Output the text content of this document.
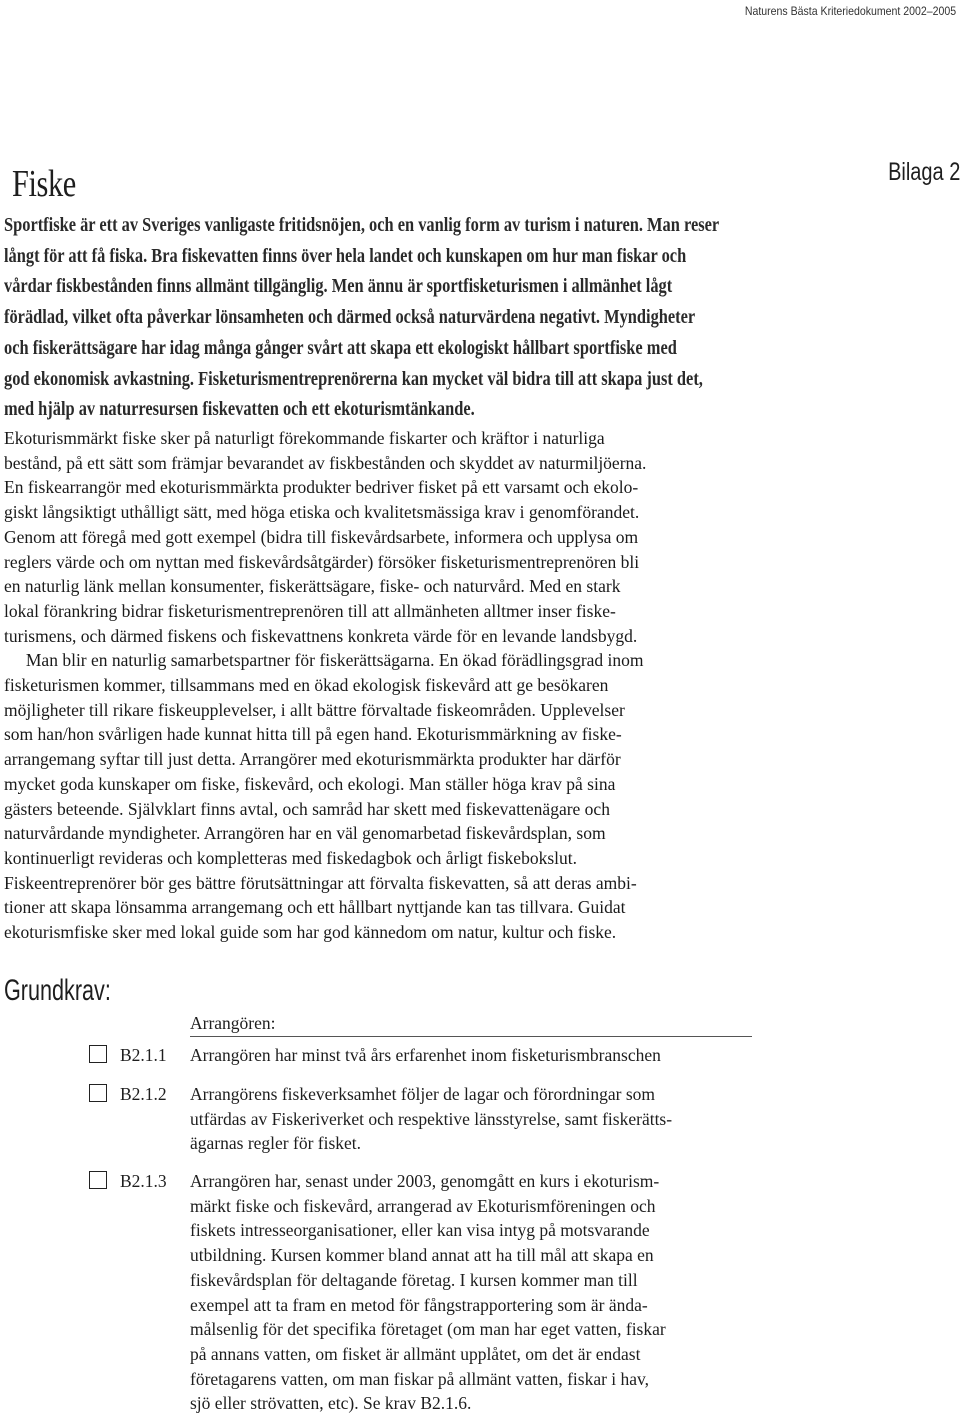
Naturens Bästa Kriteriedokument 2002–2005
Fiske	Bilaga 2
Sportfiske är ett av Sveriges vanligaste fritidsnöjen, och en vanlig form av turism i naturen. Man reser
långt för att få fiska. Bra fiskevatten finns över hela landet och kunskapen om hur man fiskar och
vårdar fiskbestånden finns allmänt tillgänglig. Men ännu är sportfisketurismen i allmänhet lågt
förädlad, vilket ofta påverkar lönsamheten och därmed också naturvärdena negativt. Myndigheter
och fiskerättsägare har idag många gånger svårt att skapa ett ekologiskt hållbart sportfiske med
god ekonomisk avkastning. Fisketurismentreprenörerna kan mycket väl bidra till att skapa just det,
med hjälp av naturresursen fiskevatten och ett ekoturismtänkande.
Ekoturismmärkt fiske sker på naturligt förekommande fiskarter och kräftor i naturliga
bestånd, på ett sätt som främjar bevarandet av fiskbestånden och skyddet av naturmiljöerna.
En fiskearrangör med ekoturismmärkta produkter bedriver fisket på ett varsamt och ekolo-
giskt långsiktigt uthålligt sätt, med höga etiska och kvalitetsmässiga krav i genomförandet.
Genom att föregå med gott exempel (bidra till fiskevårdsarbete, informera och upplysa om
reglers värde och om nyttan med fiskevårdsåtgärder) försöker fisketurismentreprenören bli
en naturlig länk mellan konsumenter, fiskerättsägare, fiske- och naturvård. Med en stark
lokal förankring bidrar fisketurismentreprenören till att allmänheten alltmer inser fiske-
turismens, och därmed fiskens och fiskevattnens konkreta värde för en levande landsbygd.
  Man blir en naturlig samarbetspartner för fiskerättsägarna. En ökad förädlingsgrad inom
fisketurismen kommer, tillsammans med en ökad ekologisk fiskevård att ge besökaren
möjligheter till rikare fiskeupplevelser, i allt bättre förvaltade fiskeområden. Upplevelser
som han/hon svårligen hade kunnat hitta till på egen hand. Ekoturismmärkning av fiske-
arrangemang syftar till just detta. Arrangörer med ekoturismmärkta produkter har därför
mycket goda kunskaper om fiske, fiskevård, och ekologi. Man ställer höga krav på sina
gästers beteende. Självklart finns avtal, och samråd har skett med fiskevattenägare och
naturvårdande myndigheter. Arrangören har en väl genomarbetad fiskevårdsplan, som
kontinuerligt revideras och kompletteras med fiskedagbok och årligt fiskebokslut.
Fiskeentreprenörer bör ges bättre förutsättningar att förvalta fiskevatten, så att deras ambi-
tioner att skapa lönsamma arrangemang och ett hållbart nyttjande kan tas tillvara. Guidat
ekoturismfiske sker med lokal guide som har god kännedom om natur, kultur och fiske.
Grundkrav:
Arrangören:
B2.1.1 Arrangören har minst två års erfarenhet inom fisketurismbranschen
B2.1.2 Arrangörens fiskeverksamhet följer de lagar och förordningar som
utfärdas av Fiskeriverket och respektive länsstyrelse, samt fiskerätts-
ägarnas regler för fisket.
B2.1.3 Arrangören har, senast under 2003, genomgått en kurs i ekoturism-
märkt fiske och fiskevård, arrangerad av Ekoturismföreningen och
fiskets intresseorganisationer, eller kan visa intyg på motsvarande
utbildning. Kursen kommer bland annat att ha till mål att skapa en
fiskevårdsplan för deltagande företag. I kursen kommer man till
exempel att ta fram en metod för fångstrapportering som är ända-
målsenlig för det specifika företaget (om man har eget vatten, fiskar
på annans vatten, om fisket är allmänt upplåtet, om det är endast
företagarens vatten, om man fiskar på allmänt vatten, fiskar i hav,
sjö eller strövatten, etc). Se krav B2.1.6.
